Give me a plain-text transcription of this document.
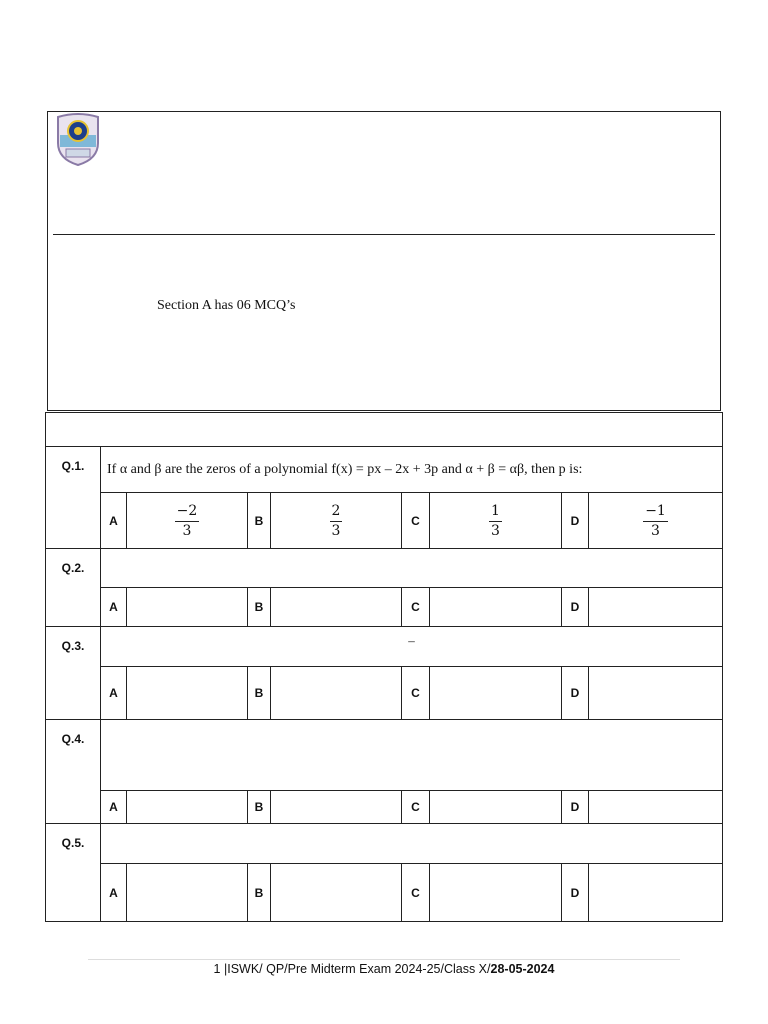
Section A has 06 MCQ’s

Q.1.	If α and β are the zeros of a polynomial f(x) = px – 2x + 3p and α + β = αβ, then p is:							
	A	$\frac{-2}{3}$	B	$\frac{2}{3}$	C	$\frac{1}{3}$	D	$\frac{-1}{3}$

Q.2.								
	A		B		C		D	
Q.3.	–							
	A		B		C		D	
Q.4.								
	A		B		C		D	
Q.5.								
	A		B		C		D	
1 |ISWK/ QP/Pre Midterm Exam 2024-25/Class X/28-05-2024
